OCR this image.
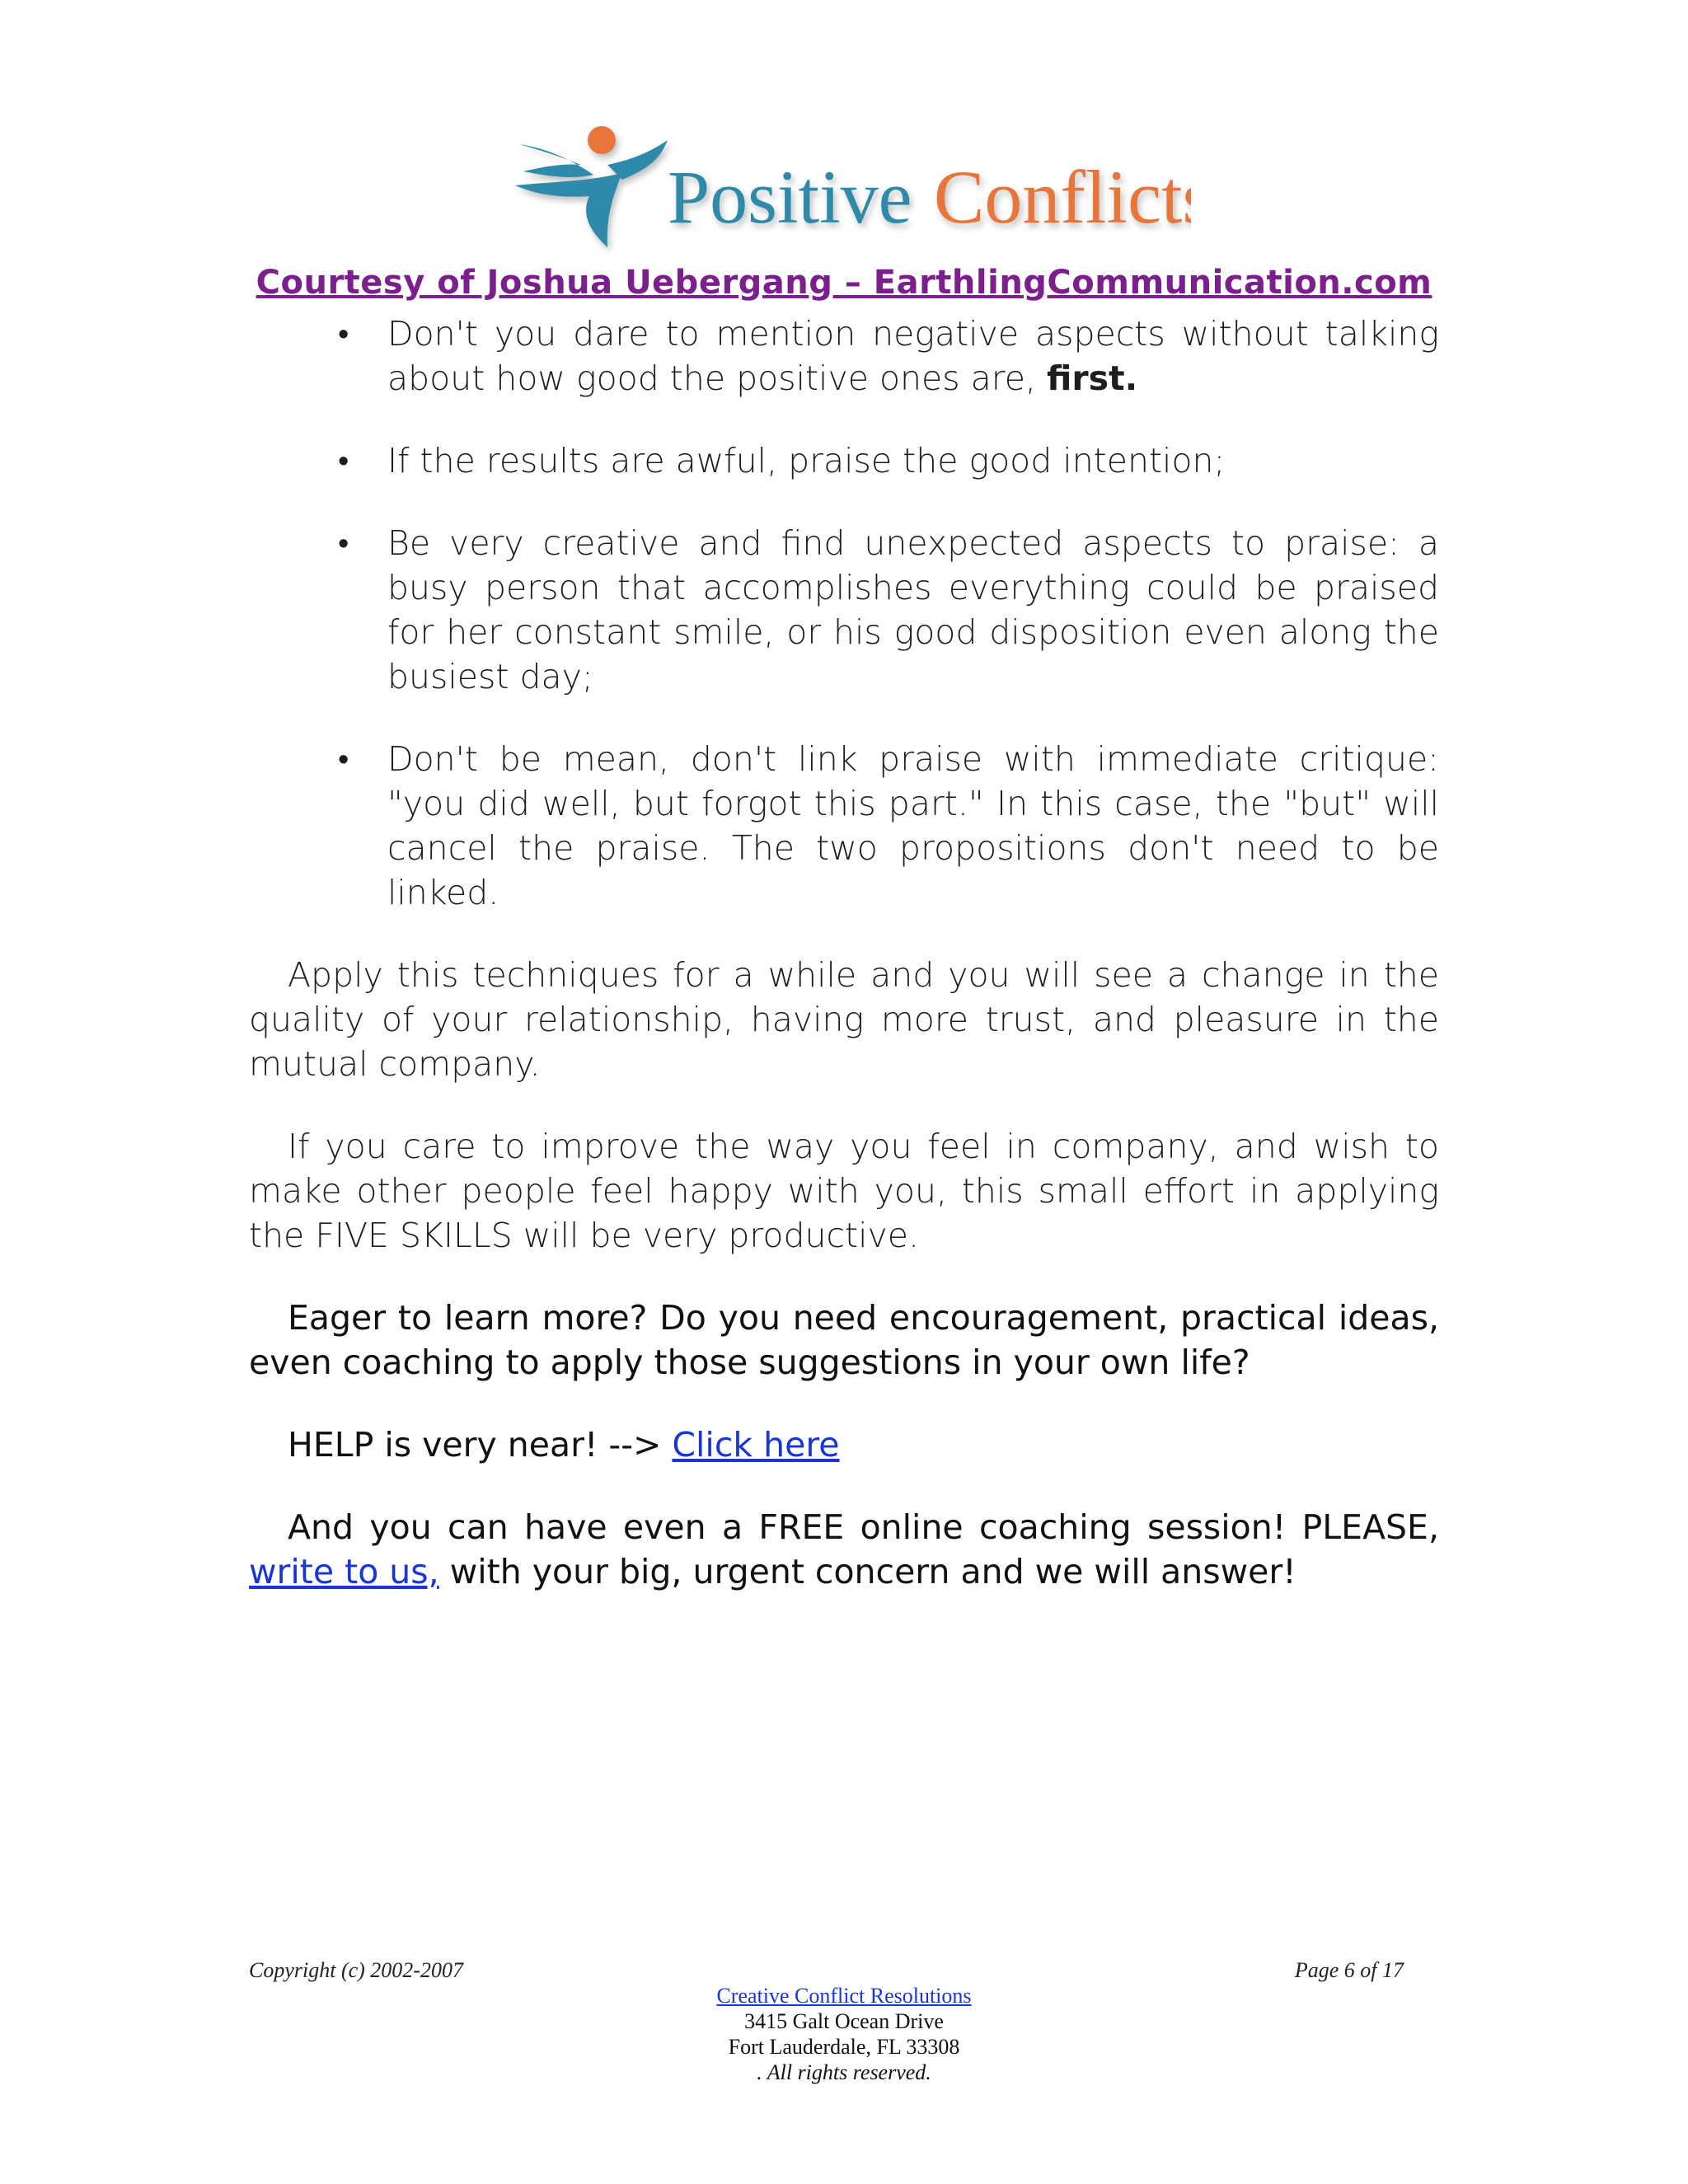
Positive Conflicts
Courtesy of Joshua Uebergang – EarthlingCommunication.com
• Don't you dare to mention negative aspects without talking about how good the positive ones are, first.
• If the results are awful, praise the good intention;
• Be very creative and find unexpected aspects to praise: a busy person that accomplishes everything could be praised for her constant smile, or his good disposition even along the busiest day;
• Don't be mean, don't link praise with immediate critique: "you did well, but forgot this part." In this case, the "but" will cancel the praise. The two propositions don't need to be linked.

Apply this techniques for a while and you will see a change in the quality of your relationship, having more trust, and pleasure in the mutual company.

If you care to improve the way you feel in company, and wish to make other people feel happy with you, this small effort in applying the FIVE SKILLS will be very productive.

Eager to learn more? Do you need encouragement, practical ideas, even coaching to apply those suggestions in your own life?

HELP is very near! --> Click here

And you can have even a FREE online coaching session! PLEASE, write to us, with your big, urgent concern and we will answer!

Copyright (c) 2002-2007	Page 6 of 17
Creative Conflict Resolutions
3415 Galt Ocean Drive
Fort Lauderdale, FL 33308
. All rights reserved.
